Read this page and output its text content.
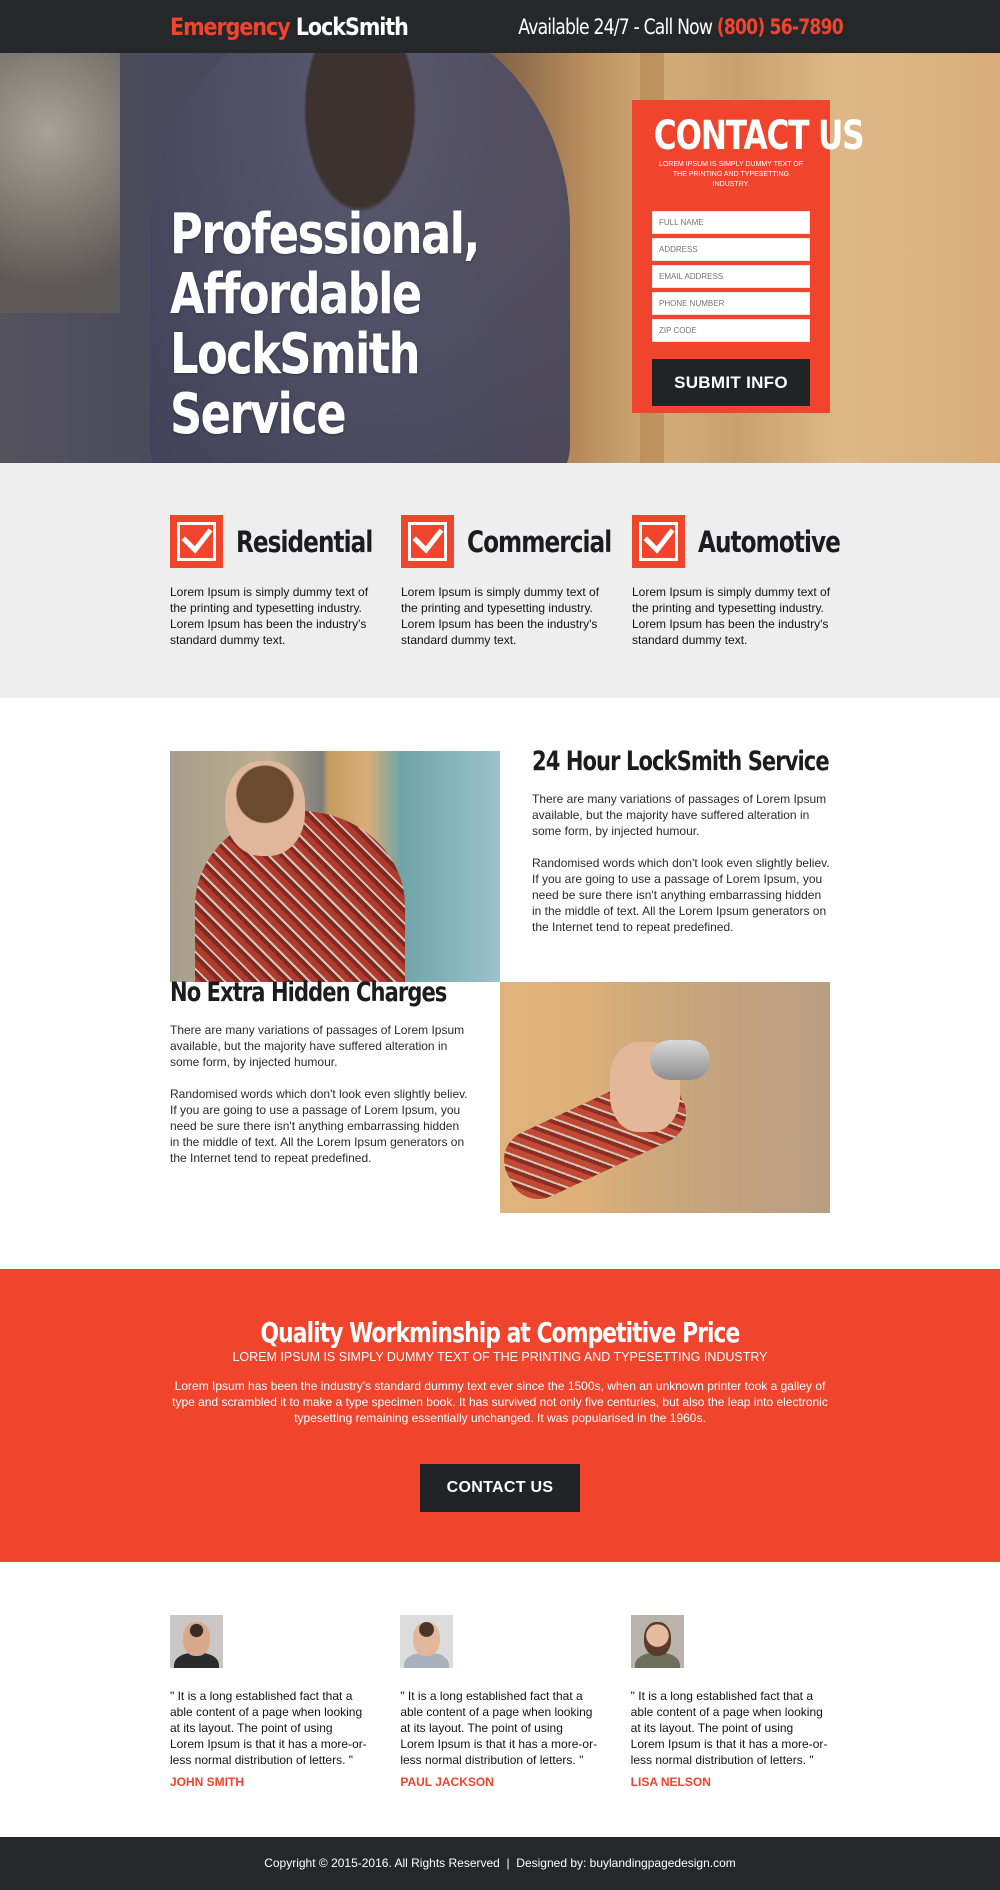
Emergency LockSmith	Available 24/7 - Call Now (800) 56-7890
Professional, Affordable
LockSmith Service
CONTACT US
LOREM IPSUM IS SIMPLY DUMMY TEXT OF THE PRINTING AND TYPESETTING INDUSTRY.
FULL NAME
ADDRESS
EMAIL ADDRESS
PHONE NUMBER
ZIP CODE
SUBMIT INFO
Residential

Lorem Ipsum is simply dummy text of the printing and typesetting industry. Lorem Ipsum has been the industry's standard dummy text.

Commercial

Lorem Ipsum is simply dummy text of the printing and typesetting industry. Lorem Ipsum has been the industry's standard dummy text.

Automotive

Lorem Ipsum is simply dummy text of the printing and typesetting industry. Lorem Ipsum has been the industry's standard dummy text.

24 Hour LockSmith Service

There are many variations of passages of Lorem Ipsum available, but the majority have suffered alteration in some form, by injected humour.

Randomised words which don't look even slightly believ. If you are going to use a passage of Lorem Ipsum, you need be sure there isn't anything embarrassing hidden in the middle of text. All the Lorem Ipsum generators on the Internet tend to repeat predefined.

No Extra Hidden Charges

There are many variations of passages of Lorem Ipsum available, but the majority have suffered alteration in some form, by injected humour.

Randomised words which don't look even slightly believ. If you are going to use a passage of Lorem Ipsum, you need be sure there isn't anything embarrassing hidden in the middle of text. All the Lorem Ipsum generators on the Internet tend to repeat predefined.

Quality Workminship at Competitive Price
LOREM IPSUM IS SIMPLY DUMMY TEXT OF THE PRINTING AND TYPESETTING INDUSTRY

Lorem Ipsum has been the industry's standard dummy text ever since the 1500s, when an unknown printer took a galley of type and scrambled it to make a type specimen book. It has survived not only five centuries, but also the leap into electronic typesetting remaining essentially unchanged. It was popularised in the 1960s.

CONTACT US

" It is a long established fact that a able content of a page when looking at its layout. The point of using Lorem Ipsum is that it has a more-or-less normal distribution of letters. "

JOHN SMITH

" It is a long established fact that a able content of a page when looking at its layout. The point of using Lorem Ipsum is that it has a more-or-less normal distribution of letters. "

PAUL JACKSON

" It is a long established fact that a able content of a page when looking at its layout. The point of using Lorem Ipsum is that it has a more-or-less normal distribution of letters. "

LISA NELSON
Copyright © 2015-2016. All Rights Reserved  |  Designed by: buylandingpagedesign.com
